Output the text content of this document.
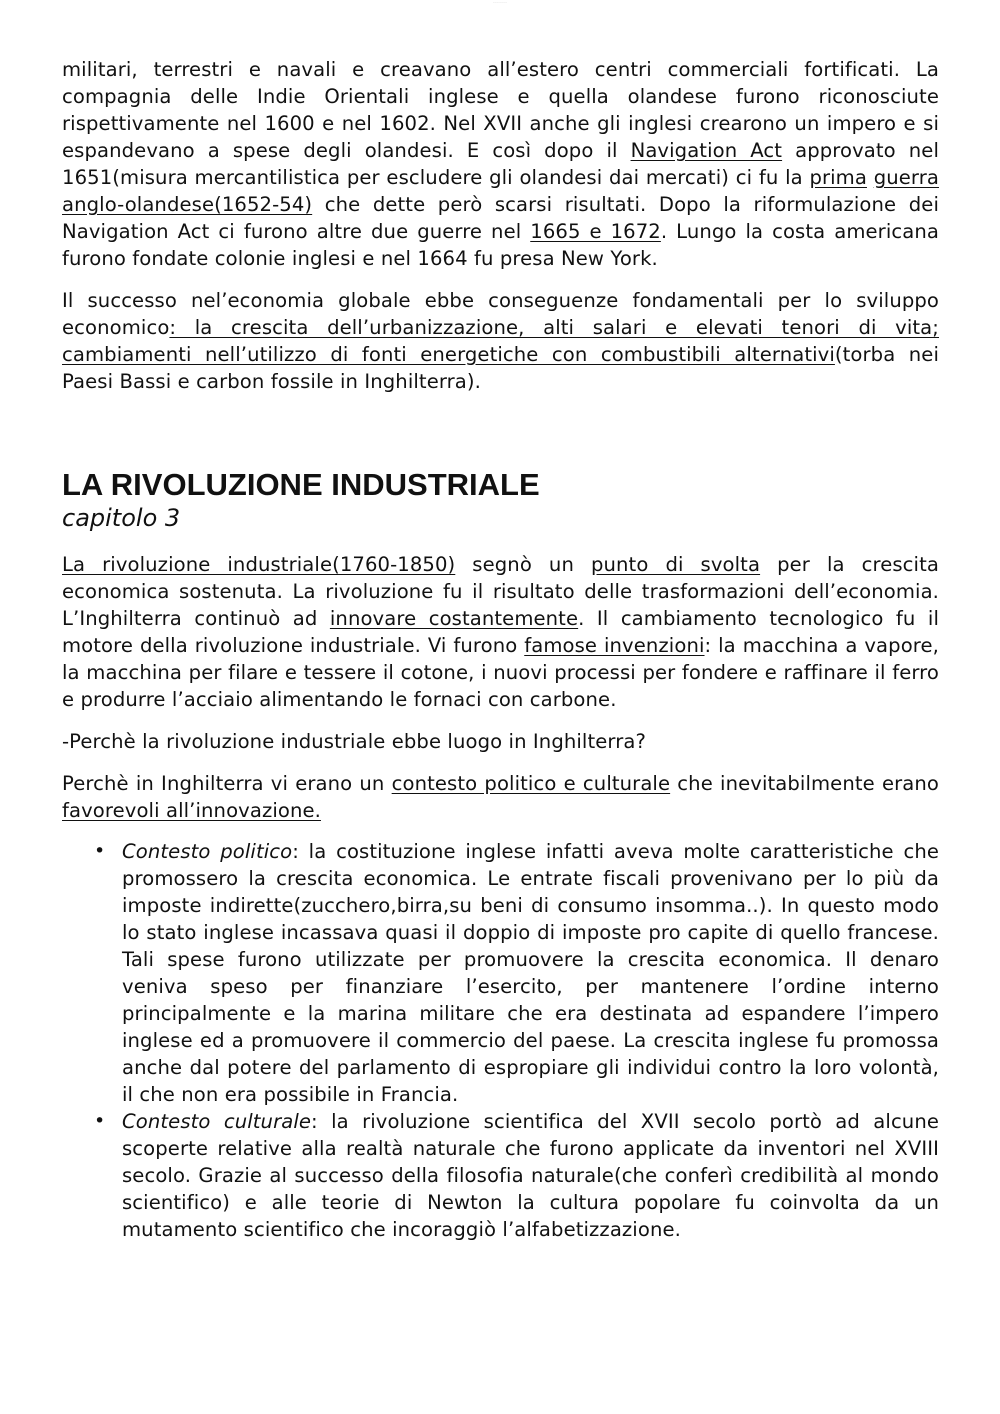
- - - - - - -

militari, terrestri e navali e creavano all’estero centri commerciali fortificati. La compagnia delle Indie Orientali inglese e quella olandese furono riconosciute rispettivamente nel 1600 e nel 1602. Nel XVII anche gli inglesi crearono un impero e si espandevano a spese degli olandesi. E così dopo il Navigation Act approvato nel 1651(misura mercantilistica per escludere gli olandesi dai mercati) ci fu la prima guerra anglo-olandese(1652-54) che dette però scarsi risultati. Dopo la riformulazione dei Navigation Act ci furono altre due guerre nel 1665 e 1672. Lungo la costa americana furono fondate colonie inglesi e nel 1664 fu presa New York.

Il successo nel’economia globale ebbe conseguenze fondamentali per lo sviluppo economico: la crescita dell’urbanizzazione, alti salari e elevati tenori di vita; cambiamenti nell’utilizzo di fonti energetiche con combustibili alternativi(torba nei Paesi Bassi e carbon fossile in Inghilterra).

LA RIVOLUZIONE INDUSTRIALE
capitolo 3

La rivoluzione industriale(1760-1850) segnò un punto di svolta per la crescita economica sostenuta. La rivoluzione fu il risultato delle trasformazioni dell’economia. L’Inghilterra continuò ad innovare costantemente. Il cambiamento tecnologico fu il motore della rivoluzione industriale. Vi furono famose invenzioni: la macchina a vapore, la macchina per filare e tessere il cotone, i nuovi processi per fondere e raffinare il ferro e produrre l’acciaio alimentando le fornaci con carbone.

-Perchè la rivoluzione industriale ebbe luogo in Inghilterra?

Perchè in Inghilterra vi erano un contesto politico e culturale che inevitabilmente erano favorevoli all’innovazione.

• Contesto politico: la costituzione inglese infatti aveva molte caratteristiche che promossero la crescita economica. Le entrate fiscali provenivano per lo più da imposte indirette(zucchero,birra,su beni di consumo insomma..). In questo modo lo stato inglese incassava quasi il doppio di imposte pro capite di quello francese. Tali spese furono utilizzate per promuovere la crescita economica. Il denaro veniva speso per finanziare l’esercito, per mantenere l’ordine interno principalmente e la marina militare che era destinata ad espandere l’impero inglese ed a promuovere il commercio del paese. La crescita inglese fu promossa anche dal potere del parlamento di espropiare gli individui contro la loro volontà, il che non era possibile in Francia.
• Contesto culturale: la rivoluzione scientifica del XVII secolo portò ad alcune scoperte relative alla realtà naturale che furono applicate da inventori nel XVIII secolo. Grazie al successo della filosofia naturale(che conferì credibilità al mondo scientifico) e alle teorie di Newton la cultura popolare fu coinvolta da un mutamento scientifico che incoraggiò l’alfabetizzazione.
